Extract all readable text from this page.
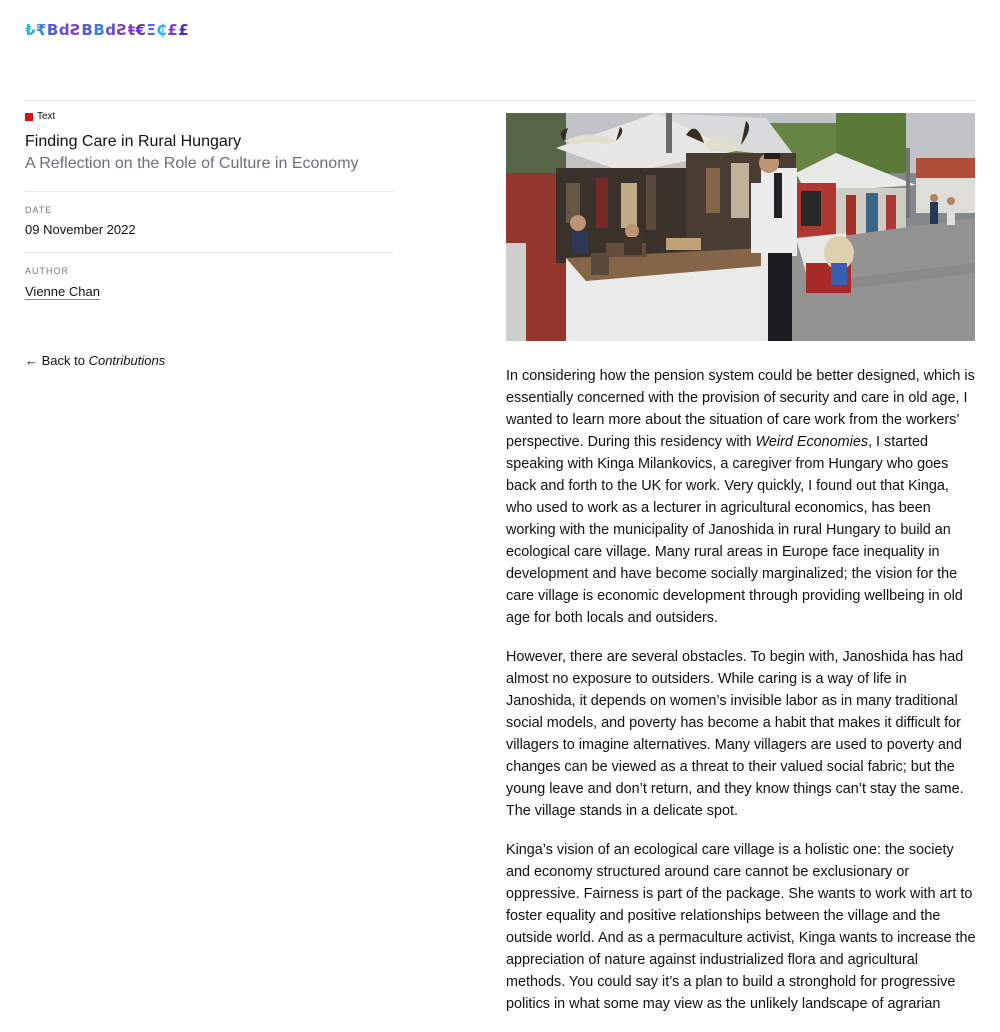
₺₹BdƧBBdƧŧ€Ξ₵££
Text
Finding Care in Rural Hungary
A Reflection on the Role of Culture in Economy
DATE
09 November 2022
AUTHOR
Vienne Chan
← Back to Contributions

In considering how the pension system could be better designed, which is essentially concerned with the provision of security and care in old age, I wanted to learn more about the situation of care work from the workers’ perspective. During this residency with Weird Economies, I started speaking with Kinga Milankovics, a caregiver from Hungary who goes back and forth to the UK for work. Very quickly, I found out that Kinga, who used to work as a lecturer in agricultural economics, has been working with the municipality of Janoshida in rural Hungary to build an ecological care village. Many rural areas in Europe face inequality in development and have become socially marginalized; the vision for the care village is economic development through providing wellbeing in old age for both locals and outsiders.

However, there are several obstacles. To begin with, Janoshida has had almost no exposure to outsiders. While caring is a way of life in Janoshida, it depends on women’s invisible labor as in many traditional social models, and poverty has become a habit that makes it difficult for villagers to imagine alternatives. Many villagers are used to poverty and changes can be viewed as a threat to their valued social fabric; but the young leave and don’t return, and they know things can’t stay the same. The village stands in a delicate spot.

Kinga’s vision of an ecological care village is a holistic one: the society and economy structured around care cannot be exclusionary or oppressive. Fairness is part of the package. She wants to work with art to foster equality and positive relationships between the village and the outside world. And as a permaculture activist, Kinga wants to increase the appreciation of nature against industrialized flora and agricultural methods. You could say it’s a plan to build a stronghold for progressive politics in what some may view as the unlikely landscape of agrarian
